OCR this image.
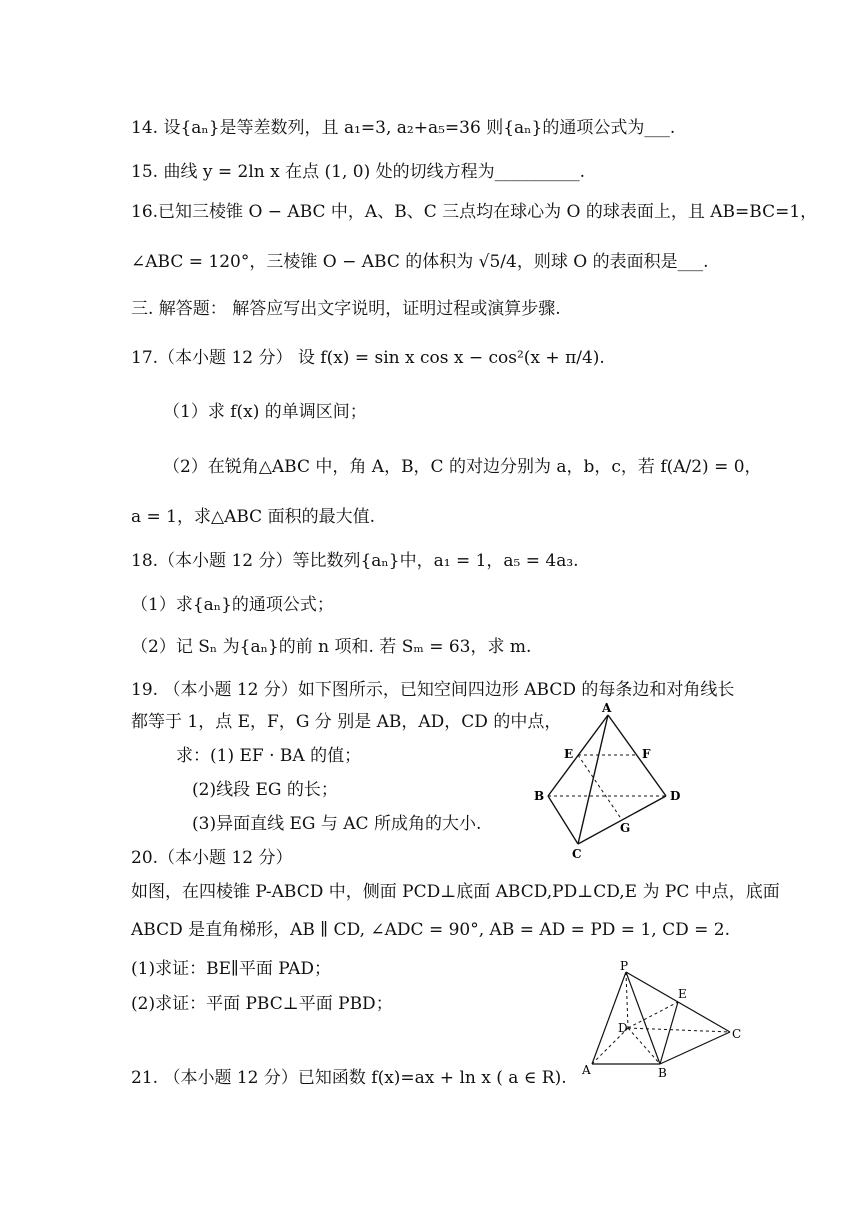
14. 设{aₙ}是等差数列，且 a₁=3, a₂+a₅=36 则{aₙ}的通项公式为___.
15. 曲线 y = 2ln x 在点 (1, 0) 处的切线方程为__________.
16.已知三棱锥 O − ABC 中，A、B、C 三点均在球心为 O 的球表面上，且 AB=BC=1，
∠ABC = 120°，三棱锥 O − ABC 的体积为 √5/4，则球 O 的表面积是___.
三. 解答题： 解答应写出文字说明，证明过程或演算步骤.
17.（本小题 12 分） 设 f(x) = sin x cos x − cos²(x + π/4).
（1）求 f(x) 的单调区间；
（2）在锐角△ABC 中，角 A，B，C 的对边分别为 a，b，c，若 f(A/2) = 0，
a = 1，求△ABC 面积的最大值.
18.（本小题 12 分）等比数列{aₙ}中，a₁ = 1，a₅ = 4a₃.
（1）求{aₙ}的通项公式；
（2）记 Sₙ 为{aₙ}的前 n 项和. 若 Sₘ = 63，求 m.
19. （本小题 12 分）如下图所示，已知空间四边形 ABCD 的每条边和对角线长
都等于 1，点 E，F，G 分 别是 AB，AD，CD 的中点，
求：(1) EF · BA 的值；
(2)线段 EG 的长；
(3)异面直线 EG 与 AC 所成角的大小.
20.（本小题 12 分）
如图，在四棱锥 P-ABCD 中，侧面 PCD⊥底面 ABCD,PD⊥CD,E 为 PC 中点，底面
ABCD 是直角梯形，AB ∥ CD, ∠ADC = 90°, AB = AD = PD = 1, CD = 2.
(1)求证：BE∥平面 PAD；
(2)求证：平面 PBC⊥平面 PBD；
21. （本小题 12 分）已知函数 f(x)=ax + ln x ( a ∈ R).
A
B
C
D
E	F
G
P
E
D	C
A	B
